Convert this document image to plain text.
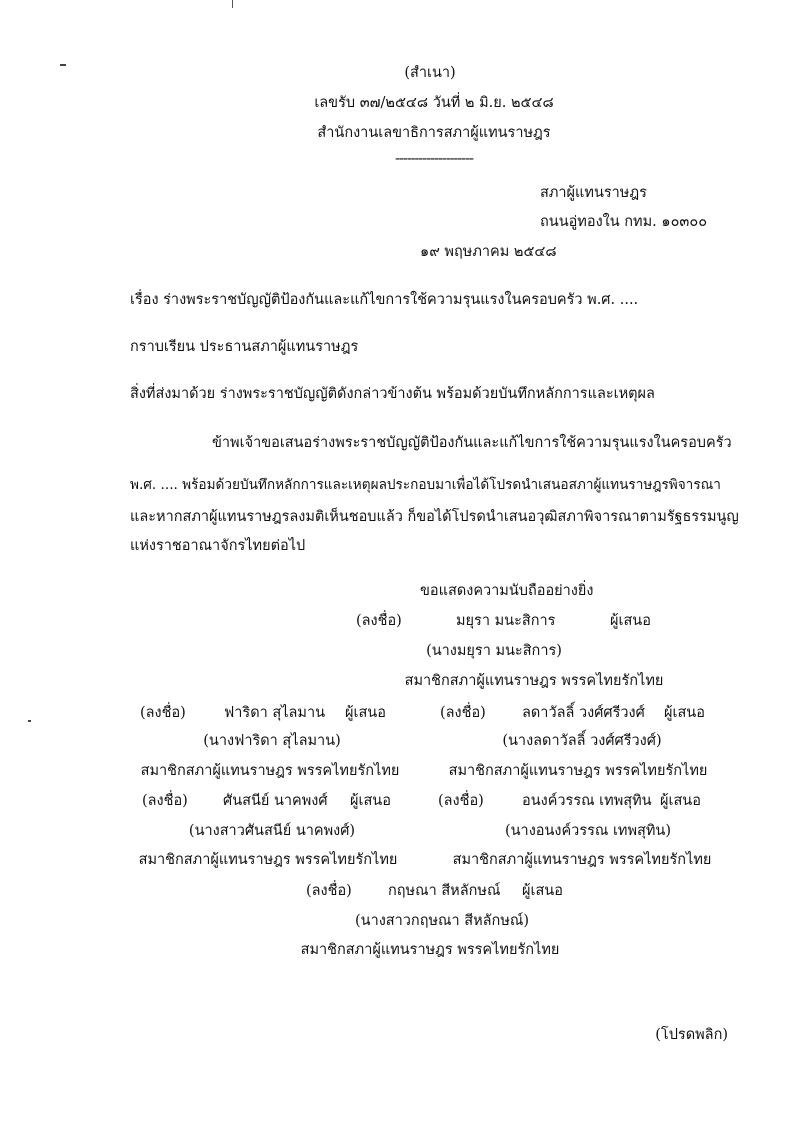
(สำเนา)
เลขรับ ๓๗/๒๕๔๘ วันที่ ๒ มิ.ย. ๒๕๔๘
สำนักงานเลขาธิการสภาผู้แทนราษฎร
--------------------
สภาผู้แทนราษฎร
ถนนอู่ทองใน กทม. ๑๐๓๐๐
๑๙ พฤษภาคม ๒๕๔๘
เรื่อง ร่างพระราชบัญญัติป้องกันและแก้ไขการใช้ความรุนแรงในครอบครัว พ.ศ. ....
กราบเรียน ประธานสภาผู้แทนราษฎร
สิ่งที่ส่งมาด้วย ร่างพระราชบัญญัติดังกล่าวข้างต้น พร้อมด้วยบันทึกหลักการและเหตุผล
ข้าพเจ้าขอเสนอร่างพระราชบัญญัติป้องกันและแก้ไขการใช้ความรุนแรงในครอบครัว
พ.ศ. .... พร้อมด้วยบันทึกหลักการและเหตุผลประกอบมาเพื่อได้โปรดนำเสนอสภาผู้แทนราษฎรพิจารณา
และหากสภาผู้แทนราษฎรลงมติเห็นชอบแล้ว ก็ขอได้โปรดนำเสนอวุฒิสภาพิจารณาตามรัฐธรรมนูญ
แห่งราชอาณาจักรไทยต่อไป
ขอแสดงความนับถืออย่างยิ่ง
(ลงชื่อ)	มยุรา มนะสิการ	ผู้เสนอ
(นางมยุรา มนะสิการ)
สมาชิกสภาผู้แทนราษฎร พรรคไทยรักไทย
(ลงชื่อ)	ฟาริดา สุไลมาน ผู้เสนอ
(นางฟาริดา สุไลมาน)
สมาชิกสภาผู้แทนราษฎร พรรคไทยรักไทย
(ลงชื่อ) ลดาวัลลิ์ วงศ์ศรีวงศ์ ผู้เสนอ
(นางลดาวัลลิ์ วงศ์ศรีวงศ์)
สมาชิกสภาผู้แทนราษฎร พรรคไทยรักไทย
(ลงชื่อ) ศันสนีย์ นาคพงศ์ ผู้เสนอ
(นางสาวศันสนีย์ นาคพงศ์)
สมาชิกสภาผู้แทนราษฎร พรรคไทยรักไทย
(ลงชื่อ)	อนงค์วรรณ เทพสุทิน ผู้เสนอ
(นางอนงค์วรรณ เทพสุทิน)
สมาชิกสภาผู้แทนราษฎร พรรคไทยรักไทย
(ลงชื่อ) กฤษณา สีหลักษณ์ ผู้เสนอ
(นางสาวกฤษณา สีหลักษณ์)
สมาชิกสภาผู้แทนราษฎร พรรคไทยรักไทย
(โปรดพลิก)
